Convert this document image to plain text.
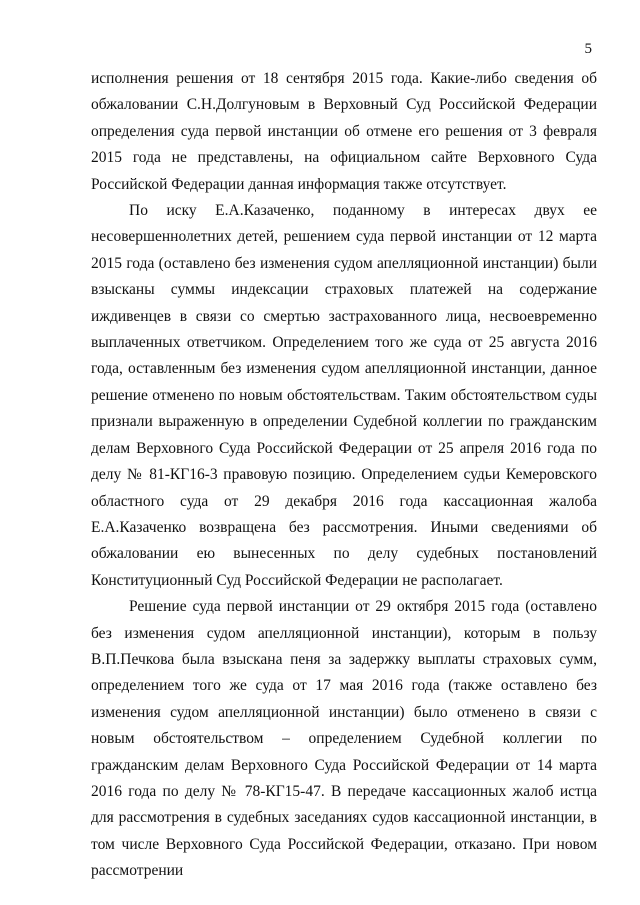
5

исполнения решения от 18 сентября 2015 года. Какие-либо сведения об обжаловании С.Н.Долгуновым в Верховный Суд Российской Федерации определения суда первой инстанции об отмене его решения от 3 февраля 2015 года не представлены, на официальном сайте Верховного Суда Российской Федерации данная информация также отсутствует.

По иску Е.А.Казаченко, поданному в интересах двух ее несовершеннолетних детей, решением суда первой инстанции от 12 марта 2015 года (оставлено без изменения судом апелляционной инстанции) были взысканы суммы индексации страховых платежей на содержание иждивенцев в связи со смертью застрахованного лица, несвоевременно выплаченных ответчиком. Определением того же суда от 25 августа 2016 года, оставленным без изменения судом апелляционной инстанции, данное решение отменено по новым обстоятельствам. Таким обстоятельством суды признали выраженную в определении Судебной коллегии по гражданским делам Верховного Суда Российской Федерации от 25 апреля 2016 года по делу № 81-КГ16-3 правовую позицию. Определением судьи Кемеровского областного суда от 29 декабря 2016 года кассационная жалоба Е.А.Казаченко возвращена без рассмотрения. Иными сведениями об обжаловании ею вынесенных по делу судебных постановлений Конституционный Суд Российской Федерации не располагает.

Решение суда первой инстанции от 29 октября 2015 года (оставлено без изменения судом апелляционной инстанции), которым в пользу В.П.Печкова была взыскана пеня за задержку выплаты страховых сумм, определением того же суда от 17 мая 2016 года (также оставлено без изменения судом апелляционной инстанции) было отменено в связи с новым обстоятельством – определением Судебной коллегии по гражданским делам Верховного Суда Российской Федерации от 14 марта 2016 года по делу № 78-КГ15-47. В передаче кассационных жалоб истца для рассмотрения в судебных заседаниях судов кассационной инстанции, в том числе Верховного Суда Российской Федерации, отказано. При новом рассмотрении
